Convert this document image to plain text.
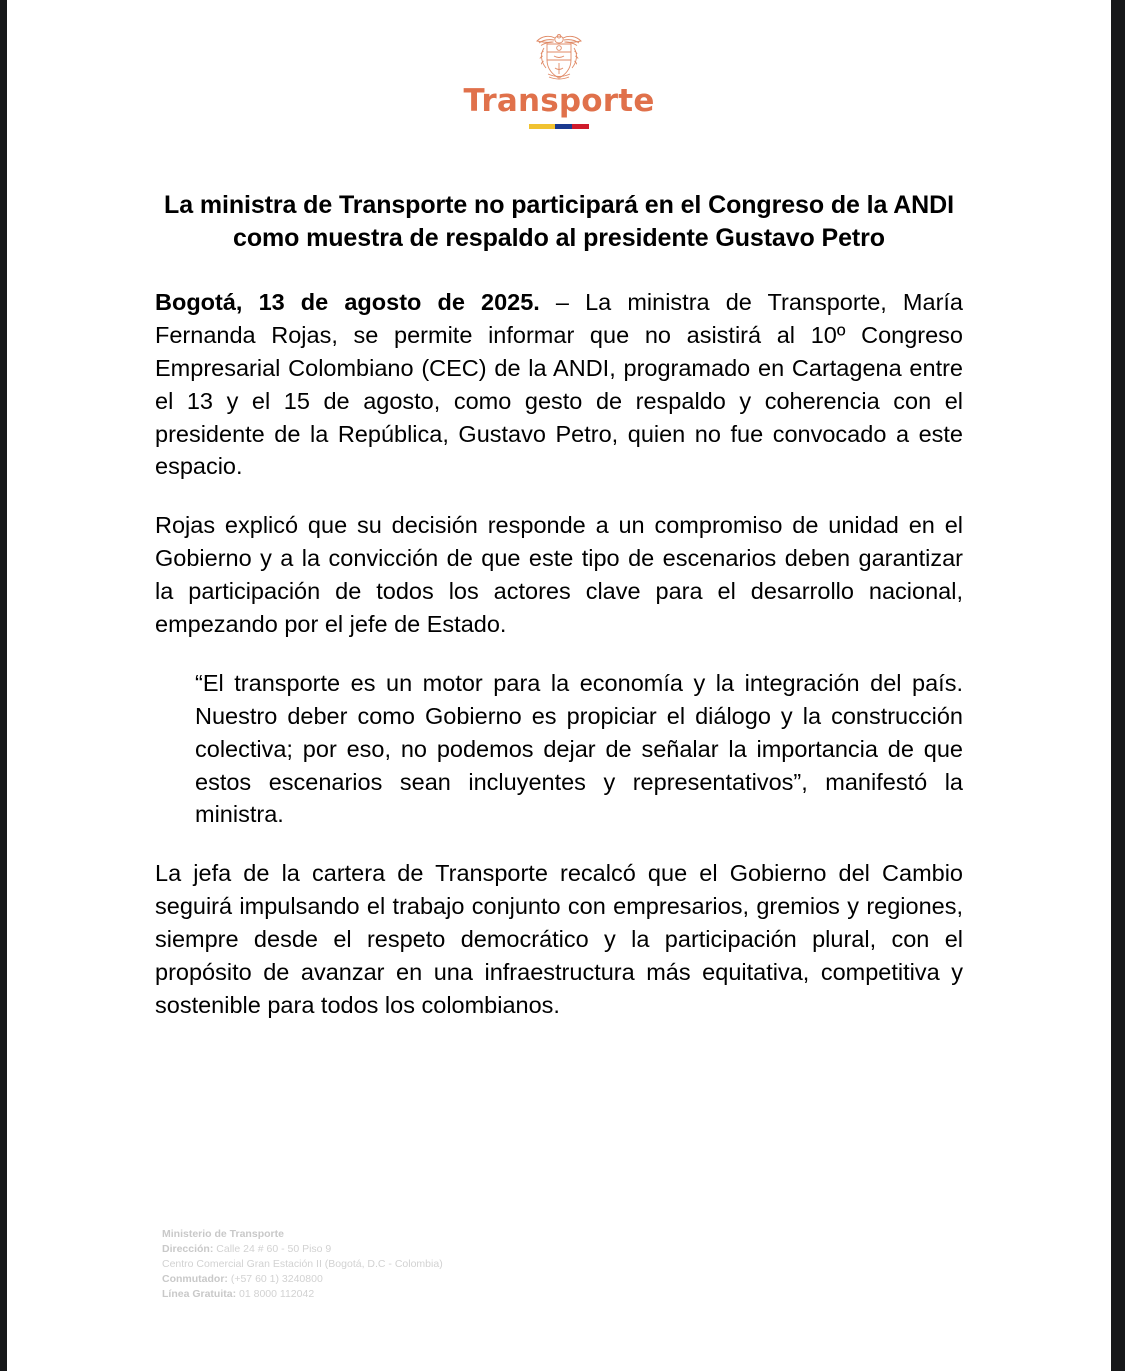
Transporte
La ministra de Transporte no participará en el Congreso de la ANDI como muestra de respaldo al presidente Gustavo Petro

Bogotá, 13 de agosto de 2025. – La ministra de Transporte, María Fernanda Rojas, se permite informar que no asistirá al 10º Congreso Empresarial Colombiano (CEC) de la ANDI, programado en Cartagena entre el 13 y el 15 de agosto, como gesto de respaldo y coherencia con el presidente de la República, Gustavo Petro, quien no fue convocado a este espacio.

Rojas explicó que su decisión responde a un compromiso de unidad en el Gobierno y a la convicción de que este tipo de escenarios deben garantizar la participación de todos los actores clave para el desarrollo nacional, empezando por el jefe de Estado.

“El transporte es un motor para la economía y la integración del país. Nuestro deber como Gobierno es propiciar el diálogo y la construcción colectiva; por eso, no podemos dejar de señalar la importancia de que estos escenarios sean incluyentes y representativos”, manifestó la ministra.

La jefa de la cartera de Transporte recalcó que el Gobierno del Cambio seguirá impulsando el trabajo conjunto con empresarios, gremios y regiones, siempre desde el respeto democrático y la participación plural, con el propósito de avanzar en una infraestructura más equitativa, competitiva y sostenible para todos los colombianos.

Ministerio de Transporte
Dirección: Calle 24 # 60 - 50 Piso 9
Centro Comercial Gran Estación II (Bogotá, D.C - Colombia)
Conmutador: (+57 60 1) 3240800
Línea Gratuita: 01 8000 112042
